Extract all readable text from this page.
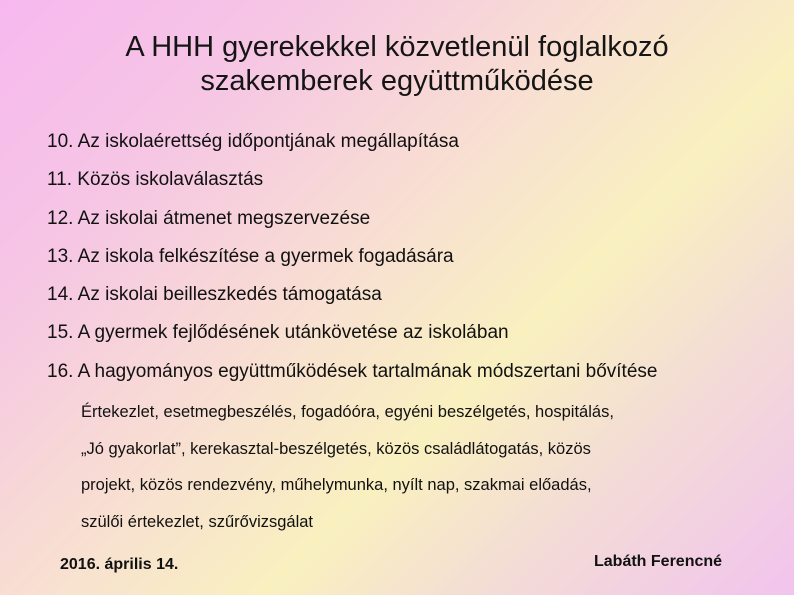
A HHH gyerekekkel közvetlenül foglalkozó
szakemberek együttműködése
10. Az iskolaérettség időpontjának megállapítása
11. Közös iskolaválasztás
12. Az iskolai átmenet megszervezése
13. Az iskola felkészítése a gyermek fogadására
14. Az iskolai beilleszkedés támogatása
15. A gyermek fejlődésének utánkövetése az iskolában
16. A hagyományos együttműködések tartalmának módszertani bővítése
Értekezlet, esetmegbeszélés, fogadóóra, egyéni beszélgetés, hospitálás,
„Jó gyakorlat”, kerekasztal-beszélgetés, közös családlátogatás, közös
projekt, közös rendezvény, műhelymunka, nyílt nap, szakmai előadás,
szülői értekezlet, szűrővizsgálat
2016. április 14.	Lab‍áth Ferencné
